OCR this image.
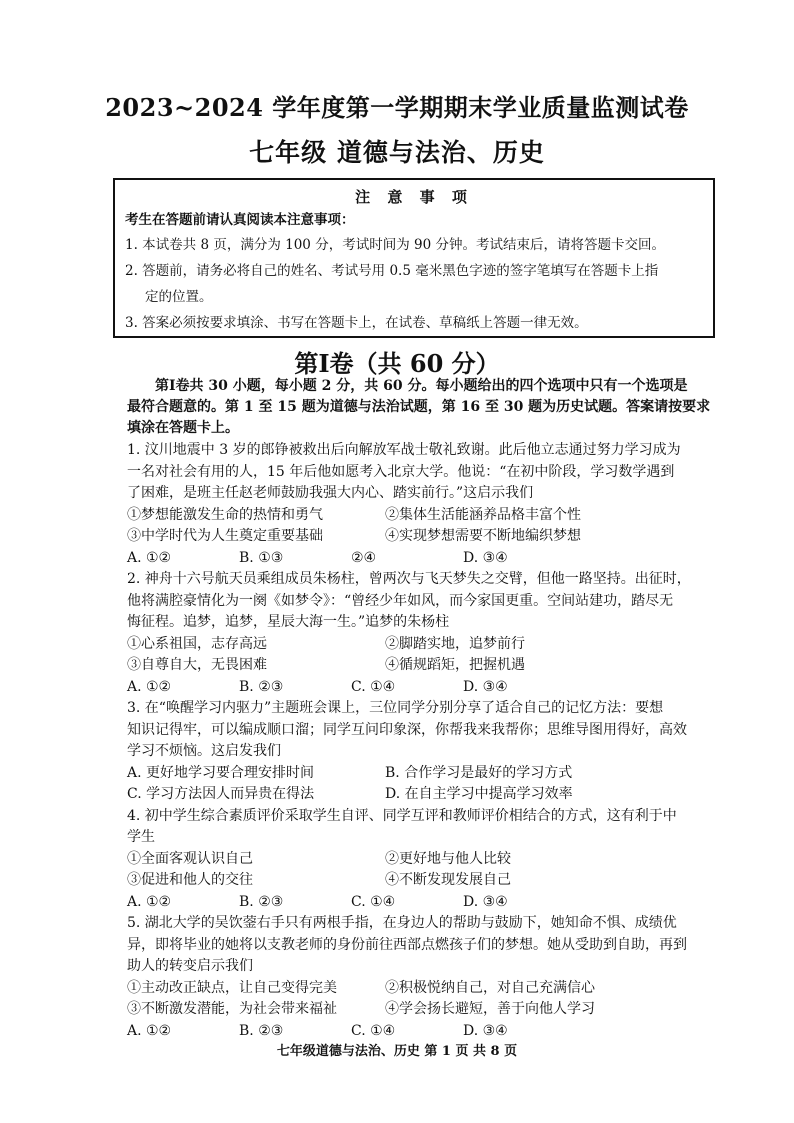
2023~2024 学年度第一学期期末学业质量监测试卷
七年级 道德与法治、历史
注 意 事 项
考生在答题前请认真阅读本注意事项：
1. 本试卷共 8 页，满分为 100 分，考试时间为 90 分钟。考试结束后，请将答题卡交回。
2. 答题前，请务必将自己的姓名、考试号用 0.5 毫米黑色字迹的签字笔填写在答题卡上指
定的位置。
3. 答案必须按要求填涂、书写在答题卡上，在试卷、草稿纸上答题一律无效。
第Ⅰ卷（共 60 分）
第Ⅰ卷共 30 小题，每小题 2 分，共 60 分。每小题给出的四个选项中只有一个选项是
最符合题意的。第 1 至 15 题为道德与法治试题，第 16 至 30 题为历史试题。答案请按要求
填涂在答题卡上。
1. 汶川地震中 3 岁的郎铮被救出后向解放军战士敬礼致谢。此后他立志通过努力学习成为
一名对社会有用的人，15 年后他如愿考入北京大学。他说：“在初中阶段，学习数学遇到
了困难，是班主任赵老师鼓励我强大内心、踏实前行。”这启示我们
①梦想能激发生命的热情和勇气	②集体生活能涵养品格丰富个性
③中学时代为人生奠定重要基础	④实现梦想需要不断地编织梦想
A. ①②	B. ①③	②④	D. ③④
2. 神舟十六号航天员乘组成员朱杨柱，曾两次与飞天梦失之交臂，但他一路坚持。出征时，
他将满腔豪情化为一阕《如梦令》：“曾经少年如风，而今家国更重。空间站建功，踏尽无
悔征程。追梦，追梦，星辰大海一生。”追梦的朱杨柱
①心系祖国，志存高远	②脚踏实地，追梦前行
③自尊自大，无畏困难	④循规蹈矩，把握机遇
A. ①②	B. ②③	C. ①④	D. ③④
3. 在“唤醒学习内驱力”主题班会课上，三位同学分别分享了适合自己的记忆方法：要想
知识记得牢，可以编成顺口溜；同学互问印象深，你帮我来我帮你；思维导图用得好，高效
学习不烦恼。这启发我们
A. 更好地学习要合理安排时间	B. 合作学习是最好的学习方式
C. 学习方法因人而异贵在得法	D. 在自主学习中提高学习效率
4. 初中学生综合素质评价采取学生自评、同学互评和教师评价相结合的方式，这有利于中
学生
①全面客观认识自己	②更好地与他人比较
③促进和他人的交往	④不断发现发展自己
A. ①②	B. ②③	C. ①④	D. ③④
5. 湖北大学的吴饮蓥右手只有两根手指，在身边人的帮助与鼓励下，她知命不惧、成绩优
异，即将毕业的她将以支教老师的身份前往西部点燃孩子们的梦想。她从受助到自助，再到
助人的转变启示我们
①主动改正缺点，让自己变得完美	②积极悦纳自己，对自己充满信心
③不断激发潜能，为社会带来福祉	④学会扬长避短，善于向他人学习
A. ①②	B. ②③	C. ①④	D. ③④
七年级道德与法治、历史 第 1 页 共 8 页
